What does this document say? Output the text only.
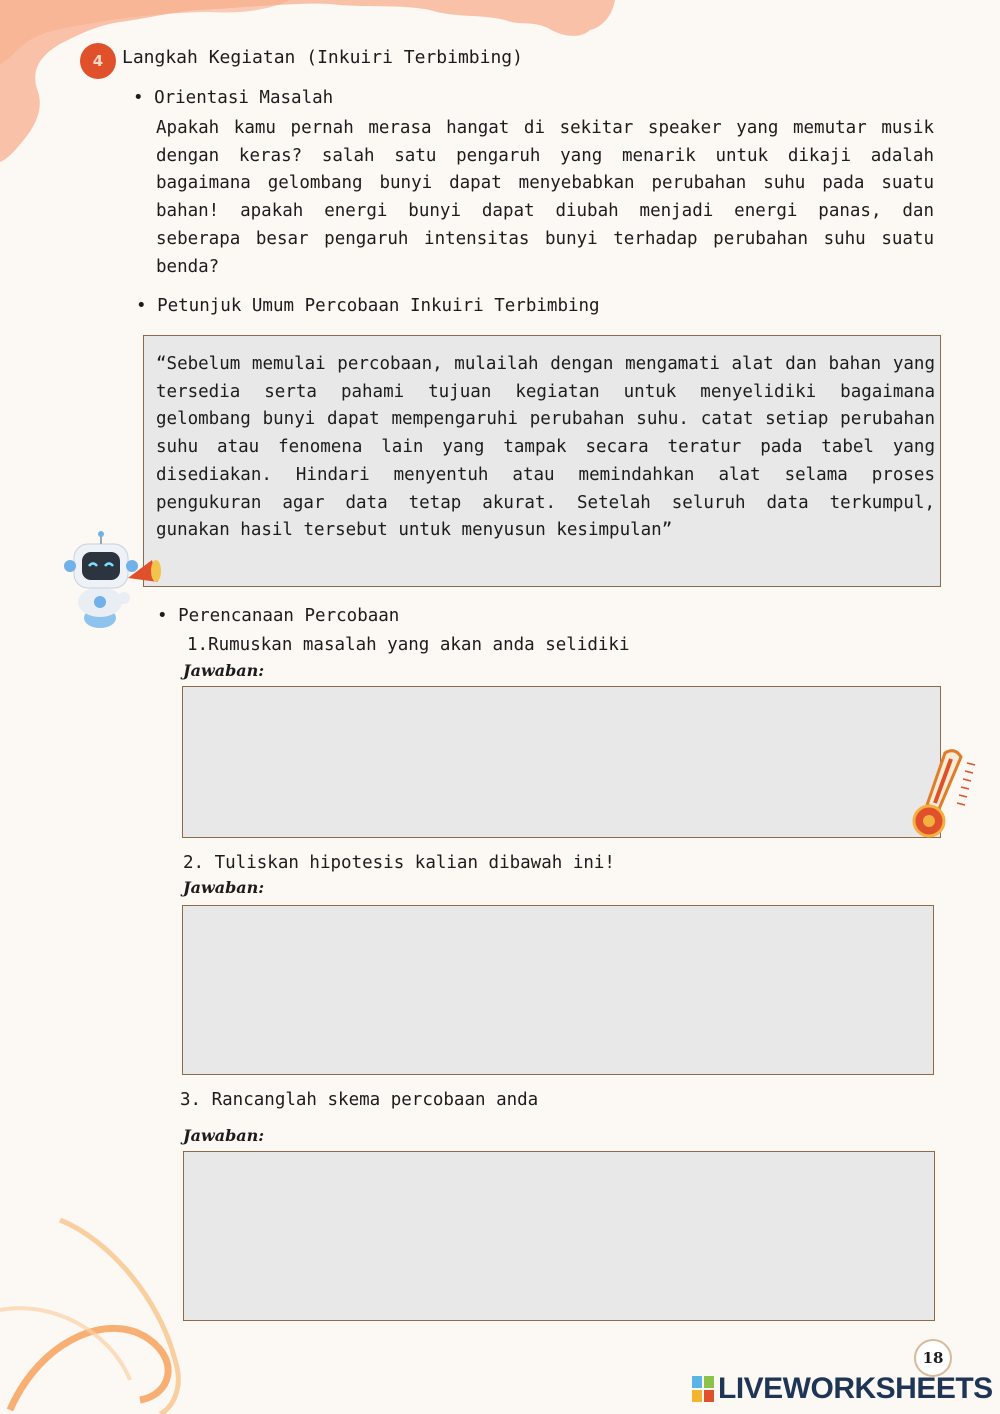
4	Langkah Kegiatan (Inkuiri Terbimbing)
• Orientasi Masalah
Apakah kamu pernah merasa hangat di sekitar speaker yang memutar musik dengan keras? salah satu pengaruh yang menarik untuk dikaji adalah bagaimana gelombang bunyi dapat menyebabkan perubahan suhu pada suatu bahan! apakah energi bunyi dapat diubah menjadi energi panas, dan seberapa besar pengaruh intensitas bunyi terhadap perubahan suhu suatu benda?
• Petunjuk Umum Percobaan Inkuiri Terbimbing
“Sebelum memulai percobaan, mulailah dengan mengamati alat dan bahan yang tersedia serta pahami tujuan kegiatan untuk menyelidiki bagaimana gelombang bunyi dapat mempengaruhi perubahan suhu. catat setiap perubahan suhu atau fenomena lain yang tampak secara teratur pada tabel yang disediakan. Hindari menyentuh atau memindahkan alat selama proses pengukuran agar data tetap akurat. Setelah seluruh data terkumpul, gunakan hasil tersebut untuk menyusun kesimpulan”
• Perencanaan Percobaan
1.Rumuskan masalah yang akan anda selidiki
Jawaban:
2. Tuliskan hipotesis kalian dibawah ini!
Jawaban:
3. Rancanglah skema percobaan anda
Jawaban:
18
LIVEWORKSHEETS
